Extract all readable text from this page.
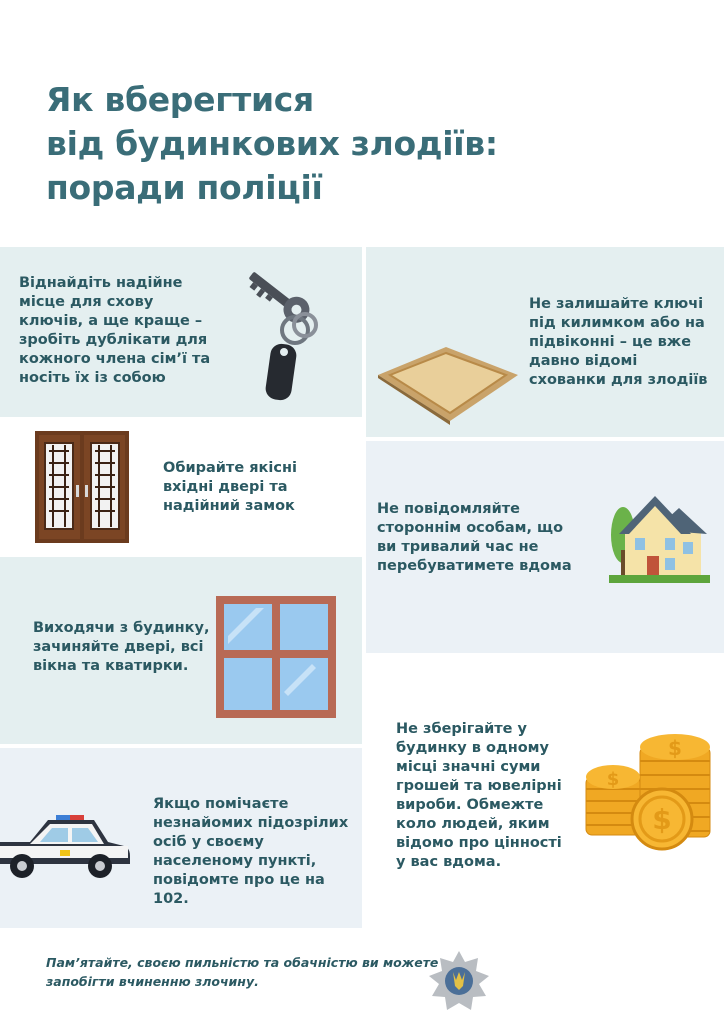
Як вберегтися
від будинкових злодіїв:
поради поліції
Віднайдіть надійне місце для схову ключів, а ще краще – зробіть дублікати для кожного члена сім’ї та носіть їх із собою
Не залишайте ключі під килимком або на підвіконні – це вже давно відомі схованки для злодіїв
Обирайте якісні вхідні двері та надійний замок	Не повідомляйте стороннім особам, що ви тривалий час не перебуватимете вдома
Виходячи з будинку, зачиняйте двері, всі вікна та кватирки.
Не зберігайте у будинку в одному місці значні суми грошей та ювелірні вироби. Обмежте коло людей, яким відомо про цінності у вас вдома.
Якщо помічаєте незнайомих підозрілих осіб у своєму населеному пункті, повідомте про це на 102.
$
$
$
Пам’ятайте, своєю пильністю та обачністю ви можете
запобігти вчиненню злочину.
